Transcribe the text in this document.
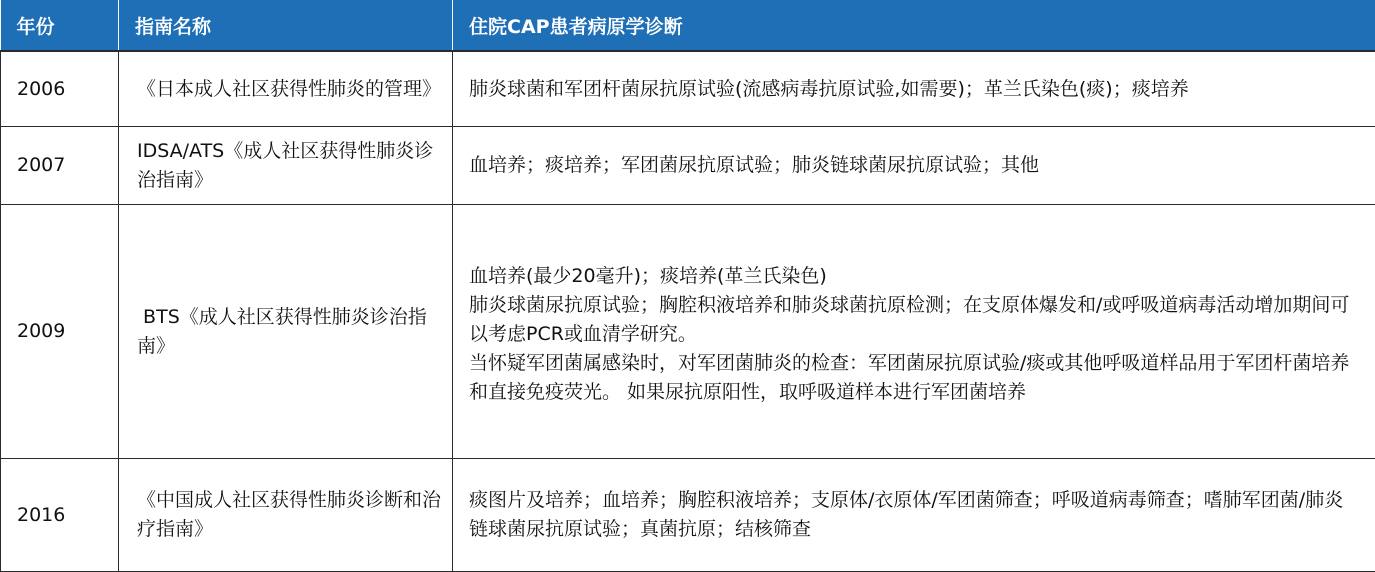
年份	指南名称	住院CAP患者病原学诊断
2006	《日本成人社区获得性肺炎的管理》	肺炎球菌和军团杆菌尿抗原试验(流感病毒抗原试验,如需要)；革兰氏染色(痰)；痰培养

2007	IDSA/ATS《成人社区获得性肺炎诊治指南》	血培养；痰培养；军团菌尿抗原试验；肺炎链球菌尿抗原试验；其他

2009	BTS《成人社区获得性肺炎诊治指南》	血培养(最少20毫升)；痰培养(革兰氏染色)
肺炎球菌尿抗原试验；胸腔积液培养和肺炎球菌抗原检测；在支原体爆发和/或呼吸道病毒活动增加期间可以考虑PCR或血清学研究。
当怀疑军团菌属感染时，对军团菌肺炎的检查：军团菌尿抗原试验/痰或其他呼吸道样品用于军团杆菌培养和直接免疫荧光。 如果尿抗原阳性，取呼吸道样本进行军团菌培养

2016	《中国成人社区获得性肺炎诊断和治疗指南》	痰图片及培养；血培养；胸腔积液培养；支原体/衣原体/军团菌筛查；呼吸道病毒筛查；嗜肺军团菌/肺炎链球菌尿抗原试验；真菌抗原；结核筛查
